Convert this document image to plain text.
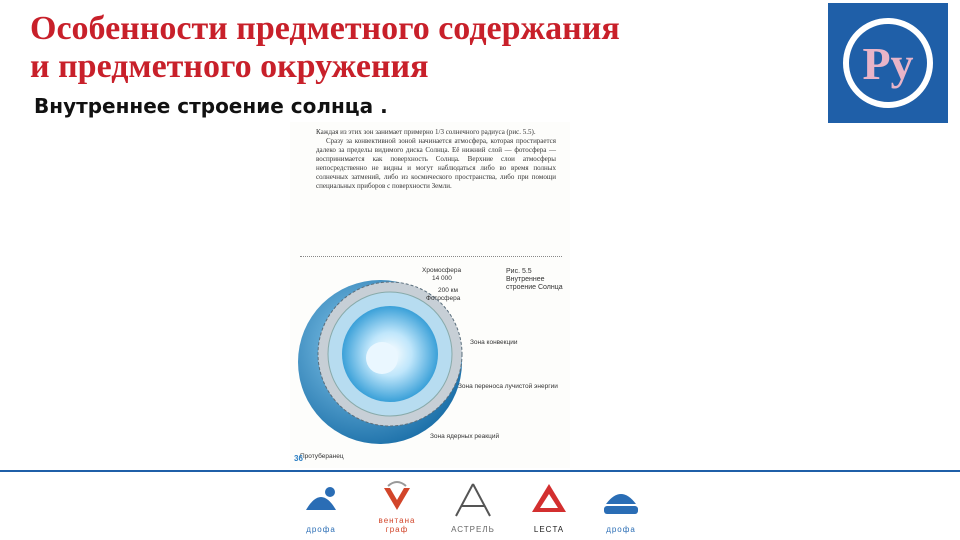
Особенности предметного содержания
и предметного окружения
Внутреннее строение солнца .
Ру

Каждая из этих зон занимает примерно 1/3 солнечного радиуса (рис. 5.5).

Сразу за конвективной зоной начинается атмосфера, которая простирается далеко за пределы видимого диска Солнца. Её нижний слой — фотосфера — воспринимается как поверхность Солнца. Верхние слои атмосферы непосредственно не видны и могут наблюдаться либо во время полных солнечных затмений, либо из космического пространства, либо при помощи специальных приборов с поверхности Земли.

Хромосфера
14 000
200 км
Фотосфера
Зона конвекции
Зона переноса лучистой энергии
Протуберанец
Зона ядерных реакций
Рис. 5.5 Внутреннее строение Солнца
36
дрофа
вентана граф	АСТРЕЛЬ	LECTA	дрофа
